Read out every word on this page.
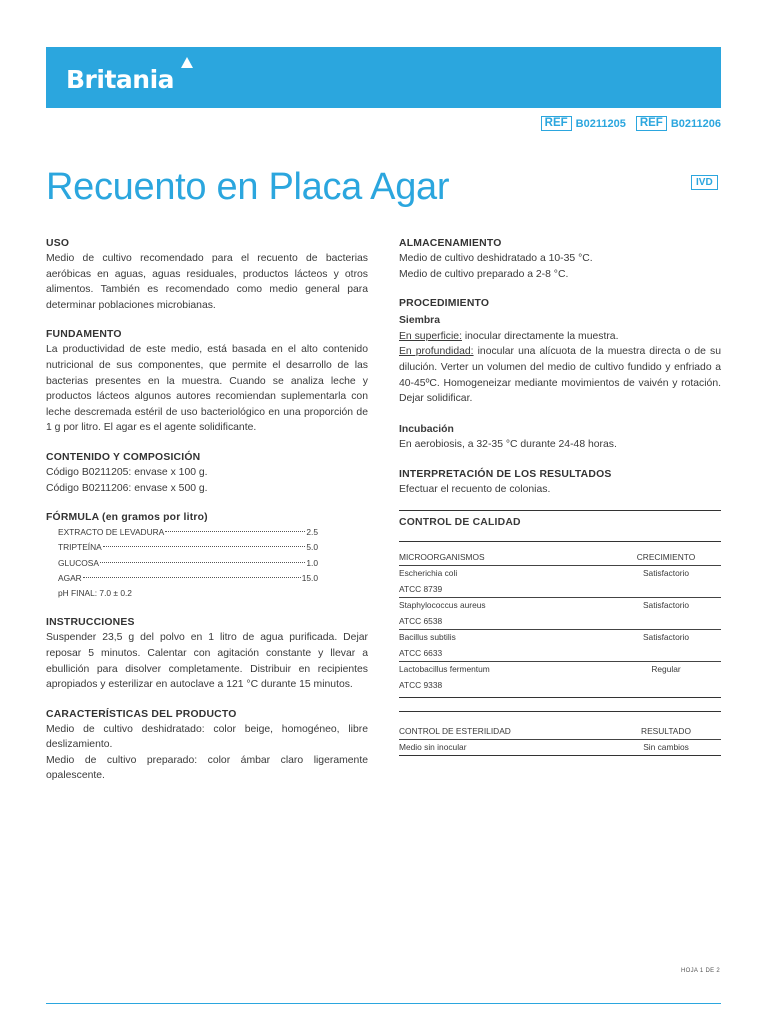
Britania
REF B0211205	REF B0211206
Recuento en Placa Agar	IVD
USO
Medio de cultivo recomendado para el recuento de bacterias aeróbicas en aguas, aguas residuales, productos lácteos y otros alimentos. También es recomendado como medio general para determinar poblaciones microbianas.
FUNDAMENTO
La productividad de este medio, está basada en el alto contenido nutricional de sus componentes, que permite el desarrollo de las bacterias presentes en la muestra. Cuando se analiza leche y productos lácteos algunos autores recomiendan suplementarla con leche descremada estéril de uso bacteriológico en una proporción de 1 g por litro. El agar es el agente solidificante.
CONTENIDO Y COMPOSICIÓN
Código B0211205: envase x 100 g.
Código B0211206: envase x 500 g.
FÓRMULA (en gramos por litro)
EXTRACTO DE LEVADURA	2.5
TRIPTEÍNA	5.0
GLUCOSA	1.0
AGAR	15.0
pH FINAL: 7.0 ± 0.2
INSTRUCCIONES
Suspender 23,5 g del polvo en 1 litro de agua purificada. Dejar reposar 5 minutos. Calentar con agitación constante y llevar a ebullición para disolver completamente. Distribuir en recipientes apropiados y esterilizar en autoclave a 121 °C durante 15 minutos.
CARACTERÍSTICAS DEL PRODUCTO
Medio de cultivo deshidratado: color beige, homogéneo, libre deslizamiento.
Medio de cultivo preparado: color ámbar claro ligeramente opalescente.
ALMACENAMIENTO
Medio de cultivo deshidratado a 10-35 °C.
Medio de cultivo preparado a 2-8 °C.
PROCEDIMIENTO
Siembra
En superficie: inocular directamente la muestra.
En profundidad: inocular una alícuota de la muestra directa o de su dilución. Verter un volumen del medio de cultivo fundido y enfriado a 40-45ºC. Homogeneizar mediante movimientos de vaivén y rotación. Dejar solidificar.
Incubación
En aerobiosis, a 32-35 °C durante 24-48 horas.
INTERPRETACIÓN DE LOS RESULTADOS
Efectuar el recuento de colonias.
CONTROL DE CALIDAD
MICROORGANISMOS	CRECIMIENTO
Escherichia coli	Satisfactorio
ATCC 8739
Staphylococcus aureus	Satisfactorio
ATCC 6538
Bacillus subtilis	Satisfactorio
ATCC 6633
Lactobacillus fermentum	Regular
ATCC 9338
CONTROL DE ESTERILIDAD	RESULTADO
Medio sin inocular	Sin cambios
HOJA 1 DE 2
